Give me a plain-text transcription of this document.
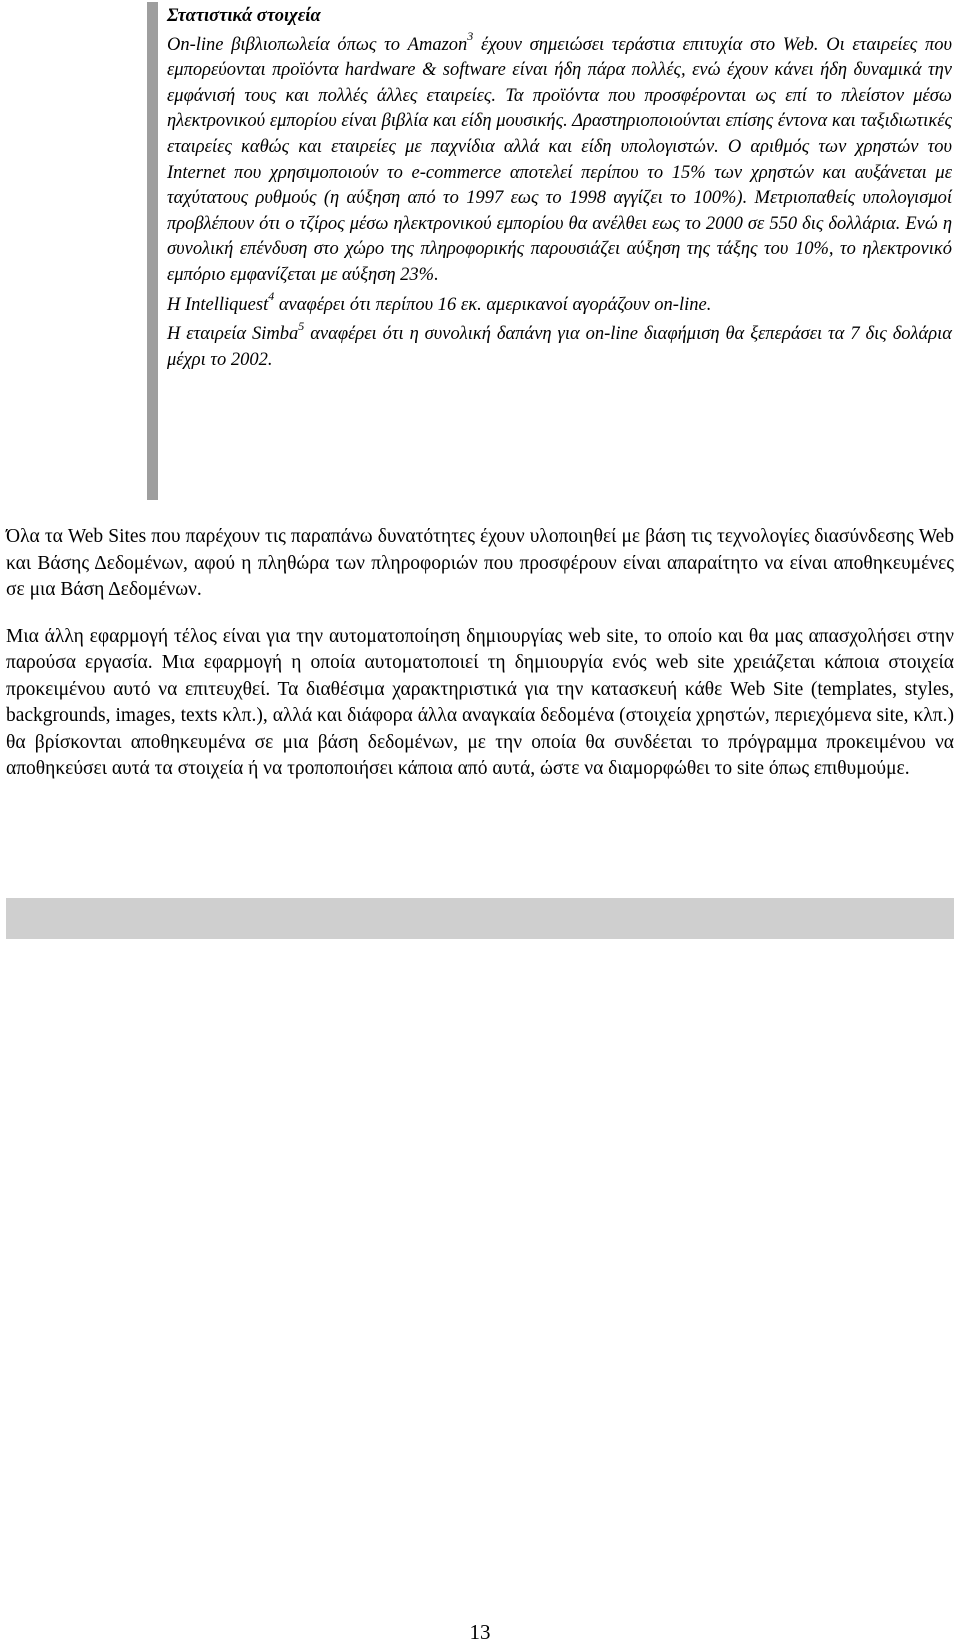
Στατιστικά στοιχεία

On-line βιβλιοπωλεία όπως το Amazon$^3$ έχουν σημειώσει τεράστια επιτυχία στο Web. Οι εταιρείες που εμπορεύονται προϊόντα hardware & software είναι ήδη πάρα πολλές, ενώ έχουν κάνει ήδη δυναμικά την εμφάνισή τους και πολλές άλλες εταιρείες. Τα προϊόντα που προσφέρονται ως επί το πλείστον μέσω ηλεκτρονικού εμπορίου είναι βιβλία και είδη μουσικής. Δραστηριοποιούνται επίσης έντονα και ταξιδιωτικές εταιρείες καθώς και εταιρείες με παχνίδια αλλά και είδη υπολογιστών. Ο αριθμός των χρηστών του Internet που χρησιμοποιούν το e-commerce αποτελεί περίπου το 15% των χρηστών και αυξάνεται με ταχύτατους ρυθμούς (η αύξηση από το 1997 εως το 1998 αγγίζει το 100%). Μετριοπαθείς υπολογισμοί προβλέπουν ότι ο τζίρος μέσω ηλεκτρονικού εμπορίου θα ανέλθει εως το 2000 σε 550 δις δολλάρια. Ενώ η συνολική επένδυση στο χώρο της πληροφορικής παρουσιάζει αύξηση της τάξης του 10%, το ηλεκτρονικό εμπόριο εμφανίζεται με αύξηση 23%.

Η Intelliquest$^4$ αναφέρει ότι περίπου 16 εκ. αμερικανοί αγοράζουν on-line.

Η εταιρεία Simba$^5$ αναφέρει ότι η συνολική δαπάνη για on-line διαφήμιση θα ξεπεράσει τα 7 δις δολάρια μέχρι το 2002.

Όλα τα Web Sites που παρέχουν τις παραπάνω δυνατότητες έχουν υλοποιηθεί με βάση τις τεχνολογίες διασύνδεσης Web και Βάσης Δεδομένων, αφού η πληθώρα των πληροφοριών που προσφέρουν είναι απαραίτητο να είναι αποθηκευμένες σε μια Βάση Δεδομένων.

Μια άλλη εφαρμογή τέλος είναι για την αυτοματοποίηση δημιουργίας web site, το οποίο και θα μας απασχολήσει στην παρούσα εργασία. Μια εφαρμογή η οποία αυτοματοποιεί τη δημιουργία ενός web site χρειάζεται κάποια στοιχεία προκειμένου αυτό να επιτευχθεί. Τα διαθέσιμα χαρακτηριστικά για την κατασκευή κάθε Web Site (templates, styles, backgrounds, images, texts κλπ.), αλλά και διάφορα άλλα αναγκαία δεδομένα (στοιχεία χρηστών, περιεχόμενα site, κλπ.) θα βρίσκονται αποθηκευμένα σε μια βάση δεδομένων, με την οποία θα συνδέεται το πρόγραμμα προκειμένου να αποθηκεύσει αυτά τα στοιχεία ή να τροποποιήσει κάποια από αυτά, ώστε να διαμορφώθει το site όπως επιθυμούμε.

13
